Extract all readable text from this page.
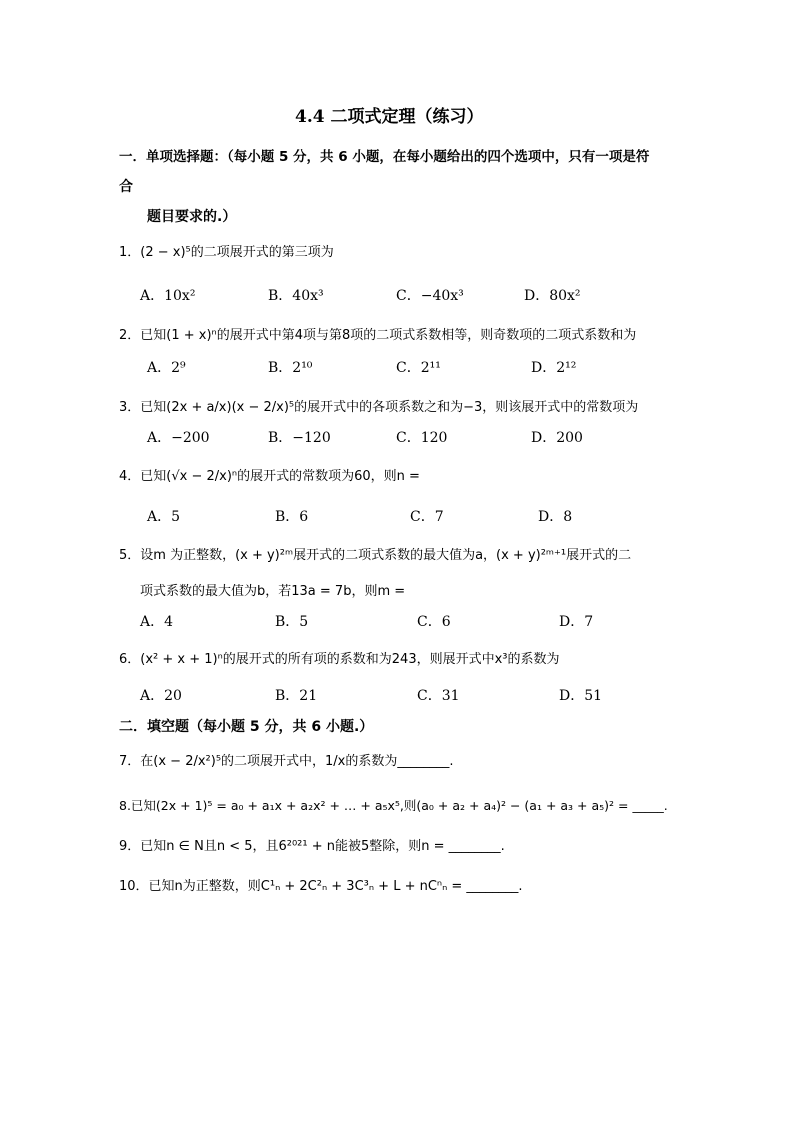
4.4 二项式定理（练习）
一．单项选择题：（每小题 5 分，共 6 小题，在每小题给出的四个选项中，只有一项是符
合
题目要求的.）
1．(2 − x)⁵的二项展开式的第三项为
A．10x²	B．40x³	C．−40x³	D．80x²
2．已知(1 + x)ⁿ的展开式中第4项与第8项的二项式系数相等，则奇数项的二项式系数和为
A．2⁹	B．2¹⁰	C．2¹¹	D．2¹²
3．已知(2x + a/x)(x − 2/x)⁵的展开式中的各项系数之和为−3，则该展开式中的常数项为
A．−200	B．−120	C．120	D．200
4．已知(√x − 2/x)ⁿ的展开式的常数项为60，则n =
A．5	B．6	C．7	D．8
5．设m 为正整数，(x + y)²ᵐ展开式的二项式系数的最大值为a，(x + y)²ᵐ⁺¹展开式的二
项式系数的最大值为b，若13a = 7b，则m =
A．4	B．5	C．6	D．7
6．(x² + x + 1)ⁿ的展开式的所有项的系数和为243，则展开式中x³的系数为
A．20	B．21	C．31	D．51
二．填空题（每小题 5 分，共 6 小题.）
7．在(x − 2/x²)⁵的二项展开式中，1/x的系数为________.
8.已知(2x + 1)⁵ = a₀ + a₁x + a₂x² + … + a₅x⁵,则(a₀ + a₂ + a₄)² − (a₁ + a₃ + a₅)² = _____.
9．已知n ∈ N且n < 5，且6²⁰²¹ + n能被5整除，则n = ________.
10．已知n为正整数，则C¹ₙ + 2C²ₙ + 3C³ₙ + L + nCⁿₙ = ________.
